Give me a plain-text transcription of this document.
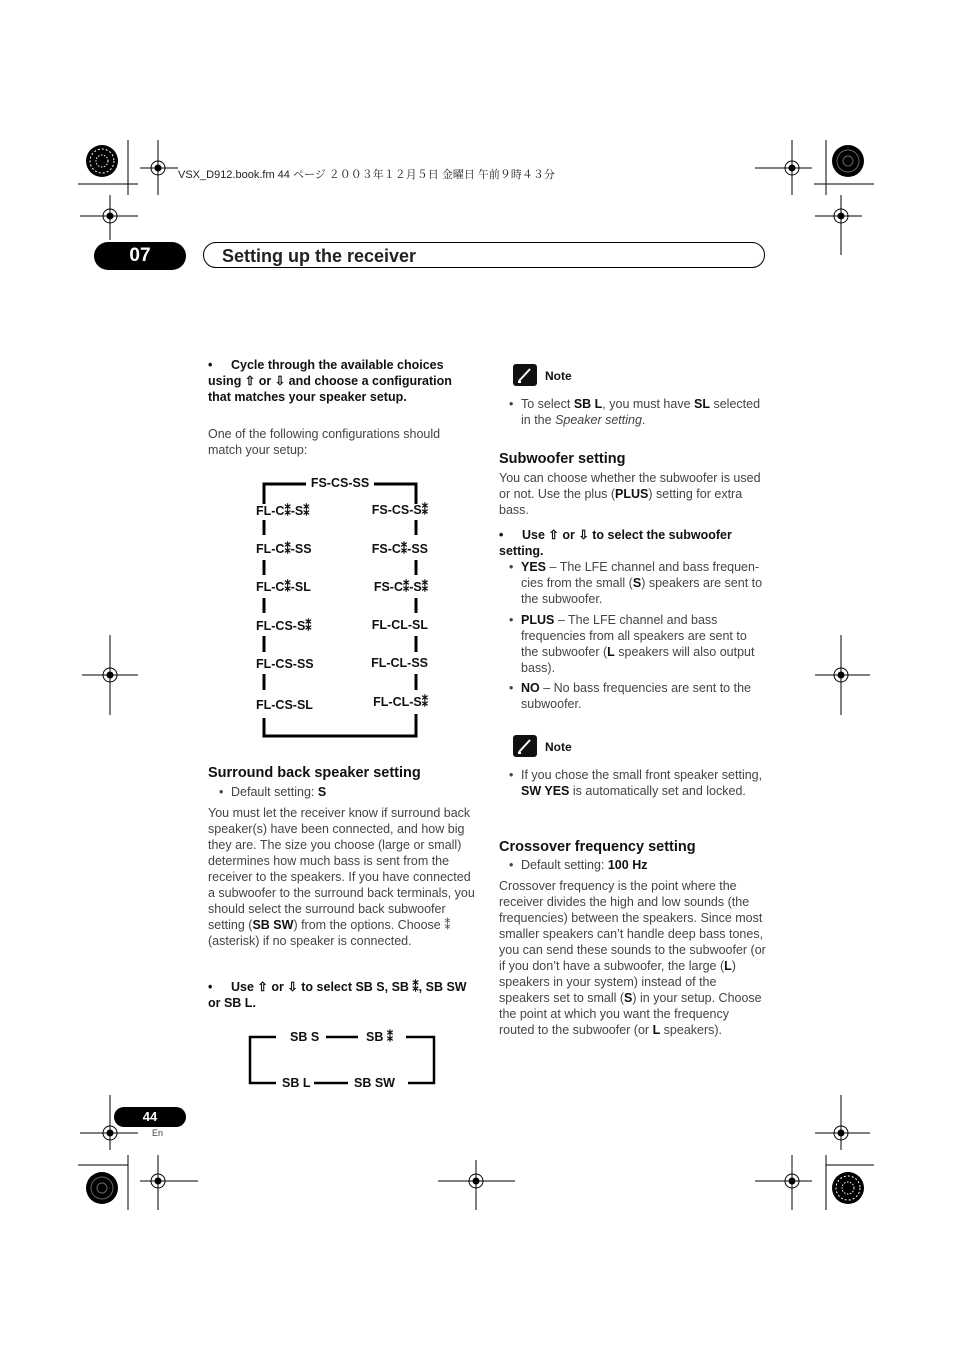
VSX_D912.book.fm 44 ページ ２００３年１２月５日 金曜日 午前９時４３分
07	Setting up the receiver
•	Cycle through the available choices using ⇧ or ⇩ and choose a configuration that matches your speaker setup.
One of the following configurations should match your setup:
FS-CS-SS
FL-C⁑-S⁑
FL-C⁑-SS
FL-C⁑-SL
FL-CS-S⁑
FL-CS-SS
FL-CS-SL
FS-CS-S⁑
FS-C⁑-SS
FS-C⁑-S⁑
FL-CL-SL
FL-CL-SS
FL-CL-S⁑
Surround back speaker setting
• Default setting: S
You must let the receiver know if surround back speaker(s) have been connected, and how big they are. The size you choose (large or small) determines how much bass is sent from the receiver to the speakers. If you have connected a subwoofer to the surround back terminals, you should select the surround back subwoofer setting (SB SW) from the options. Choose ⁑ (asterisk) if no speaker is connected.
•	Use ⇧ or ⇩ to select SB S, SB ⁑, SB SW or SB L.
SB S	SB ⁑
SB L	SB SW
Note
• To select SB L, you must have SL selected in the Speaker setting.
Subwoofer setting
You can choose whether the subwoofer is used or not. Use the plus (PLUS) setting for extra bass.
•	Use ⇧ or ⇩ to select the subwoofer setting.
• YES – The LFE channel and bass frequen-cies from the small (S) speakers are sent to the subwoofer.
• PLUS – The LFE channel and bass frequencies from all speakers are sent to the subwoofer (L speakers will also output bass).
• NO – No bass frequencies are sent to the subwoofer.
Note
• If you chose the small front speaker setting, SW YES is automatically set and locked.
Crossover frequency setting
• Default setting: 100 Hz
Crossover frequency is the point where the receiver divides the high and low sounds (the frequencies) between the speakers. Since most smaller speakers can’t handle deep bass tones, you can send these sounds to the subwoofer (or if you don’t have a subwoofer, the large (L) speakers in your system) instead of the speakers set to small (S) in your setup. Choose the point at which you want the frequency routed to the subwoofer (or L speakers).
44
En
